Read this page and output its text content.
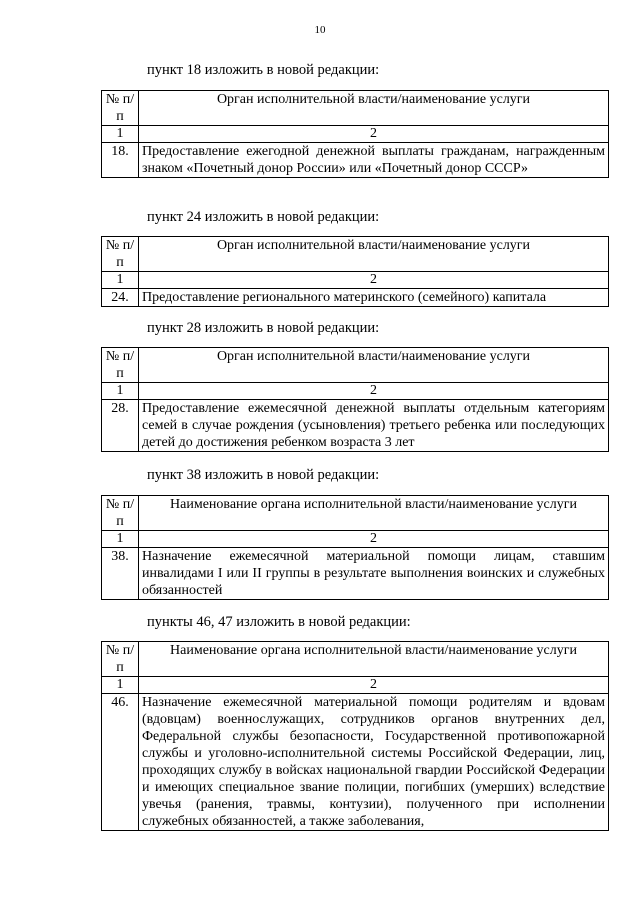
10
пункт 18 изложить в новой редакции:
№ п/п	Орган исполнительной власти/наименование услуги
1	2
18.	Предоставление ежегодной денежной выплаты гражданам, награжденным знаком «Почетный донор России» или «Почетный донор СССР»
пункт 24 изложить в новой редакции:
№ п/п	Орган исполнительной власти/наименование услуги
1	2
24.	Предоставление регионального материнского (семейного) капитала
пункт 28 изложить в новой редакции:
№ п/п	Орган исполнительной власти/наименование услуги
1	2
28.	Предоставление ежемесячной денежной выплаты отдельным категориям семей в случае рождения (усыновления) третьего ребенка или последующих детей до достижения ребенком возраста 3 лет
пункт 38 изложить в новой редакции:
№ п/п	Наименование органа исполнительной власти/наименование услуги
1	2
38.	Назначение ежемесячной материальной помощи лицам, ставшим инвалидами I или II группы в результате выполнения воинских и служебных обязанностей
пункты 46, 47 изложить в новой редакции:
№ п/п	Наименование органа исполнительной власти/наименование услуги
1	2
46.	Назначение ежемесячной материальной помощи родителям и вдовам (вдовцам) военнослужащих, сотрудников органов внутренних дел, Федеральной службы безопасности, Государственной противопожарной службы и уголовно-исполнительной системы Российской Федерации, лиц, проходящих службу в войсках национальной гвардии Российской Федерации и имеющих специальное звание полиции, погибших (умерших) вследствие увечья (ранения, травмы, контузии), полученного при исполнении служебных обязанностей, а также заболевания,
